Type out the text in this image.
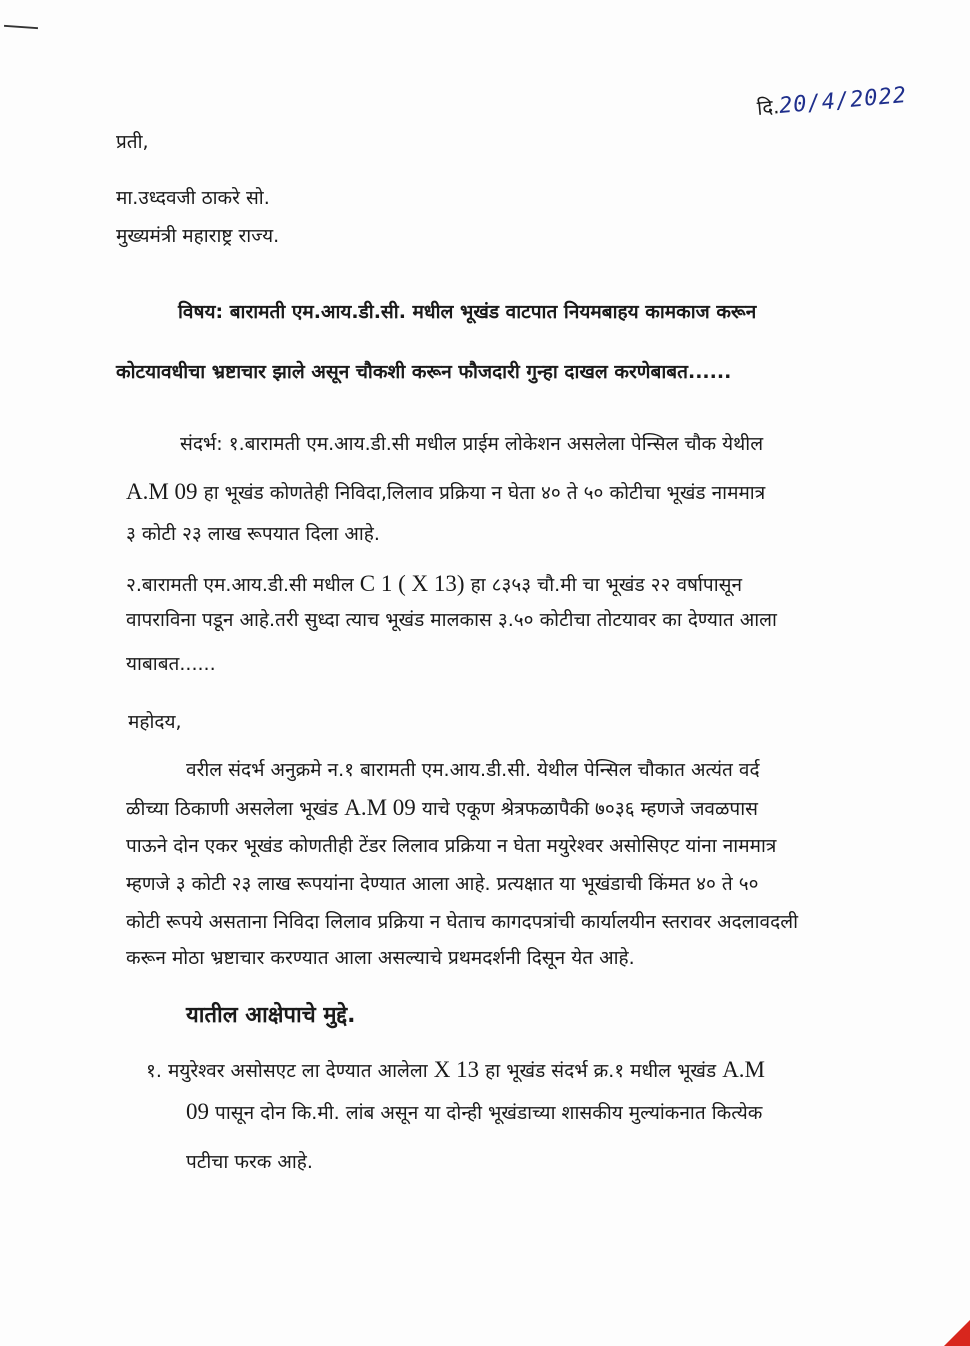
दि.20/4/2022
प्रती,
मा.उध्दवजी ठाकरे सो.
मुख्यमंत्री महाराष्ट्र राज्य.
विषय: बारामती एम.आय.डी.सी. मधील भूखंड वाटपात नियमबाहय कामकाज करून
कोटयावधीचा भ्रष्टाचार झाले असून चौकशी करून फौजदारी गुन्हा दाखल करणेबाबत......
संदर्भ: १.बारामती एम.आय.डी.सी मधील प्राईम लोकेशन असलेला पेन्सिल चौक येथील
A.M 09 हा भूखंड कोणतेही निविदा,लिलाव प्रक्रिया न घेता ४० ते ५० कोटीचा भूखंड नाममात्र
३ कोटी २३ लाख रूपयात दिला आहे.
२.बारामती एम.आय.डी.सी मधील C 1 ( X 13) हा ८३५३ चौ.मी चा भूखंड २२ वर्षापासून
वापराविना पडून आहे.तरी सुध्दा त्याच भूखंड मालकास ३.५० कोटीचा तोटयावर का देण्यात आला
याबाबत......
महोदय,
वरील संदर्भ अनुक्रमे न.१ बारामती एम.आय.डी.सी. येथील पेन्सिल चौकात अत्यंत वर्द
ळीच्या ठिकाणी असलेला भूखंड A.M 09 याचे एकूण श्रेत्रफळापैकी ७०३६ म्हणजे जवळपास
पाऊने दोन एकर भूखंड कोणतीही टेंडर लिलाव प्रक्रिया न घेता मयुरेश्वर असोसिएट यांना नाममात्र
म्हणजे ३ कोटी २३ लाख रूपयांना देण्यात आला आहे. प्रत्यक्षात या भूखंडाची किंमत ४० ते ५०
कोटी रूपये असताना निविदा लिलाव प्रक्रिया न घेताच कागदपत्रांची कार्यालयीन स्तरावर अदलावदली
करून मोठा भ्रष्टाचार करण्यात आला असल्याचे प्रथमदर्शनी दिसून येत आहे.
यातील आक्षेपाचे मुद्दे.
१. मयुरेश्वर असोसएट ला देण्यात आलेला X 13 हा भूखंड संदर्भ क्र.१ मधील भूखंड A.M
09 पासून दोन कि.मी. लांब असून या दोन्ही भूखंडाच्या शासकीय मुल्यांकनात कित्येक
पटीचा फरक आहे.
